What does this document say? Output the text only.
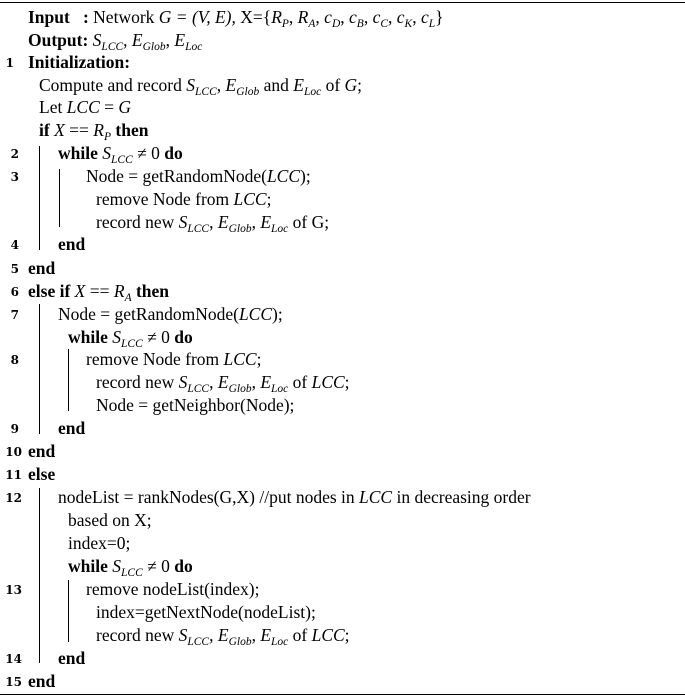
Input : Network G = (V, E), $X=\{R_P$, $R_A$, $c_D$, $c_B$, $c_C$, $c_K$, $c_L$}
Output: $S_{LCC}$, $E_{Glob}$, $E_{Loc}$
1 Initialization:
Compute and record $S_{LCC}$, $E_{Glob}$ and $E_{Loc}$ of G;
Let LCC = G
if $X == R_P$ then
2 while $S_{LCC} \ne 0$ do
3	Node = getRandomNode(LCC);
remove Node from LCC;
record new $S_{LCC}$, $E_{Glob}$, $E_{Loc}$ of G;
4 end
5 end
6 else if $X == R_A$ then
7 Node = getRandomNode(LCC);
while $S_{LCC} \ne 0$ do
8	remove Node from LCC;
record new $S_{LCC}$, $E_{Glob}$, $E_{Loc}$ of LCC;
Node = getNeighbor(Node);
9 end
10 end
11 else
12 nodeList = rankNodes(G,X) //put nodes in LCC in decreasing order
based on X;
index=0;
while $S_{LCC} \ne 0$ do
13	remove nodeList(index);
index=getNextNode(nodeList);
record new $S_{LCC}$, $E_{Glob}$, $E_{Loc}$ of LCC;
14 end
15 end
